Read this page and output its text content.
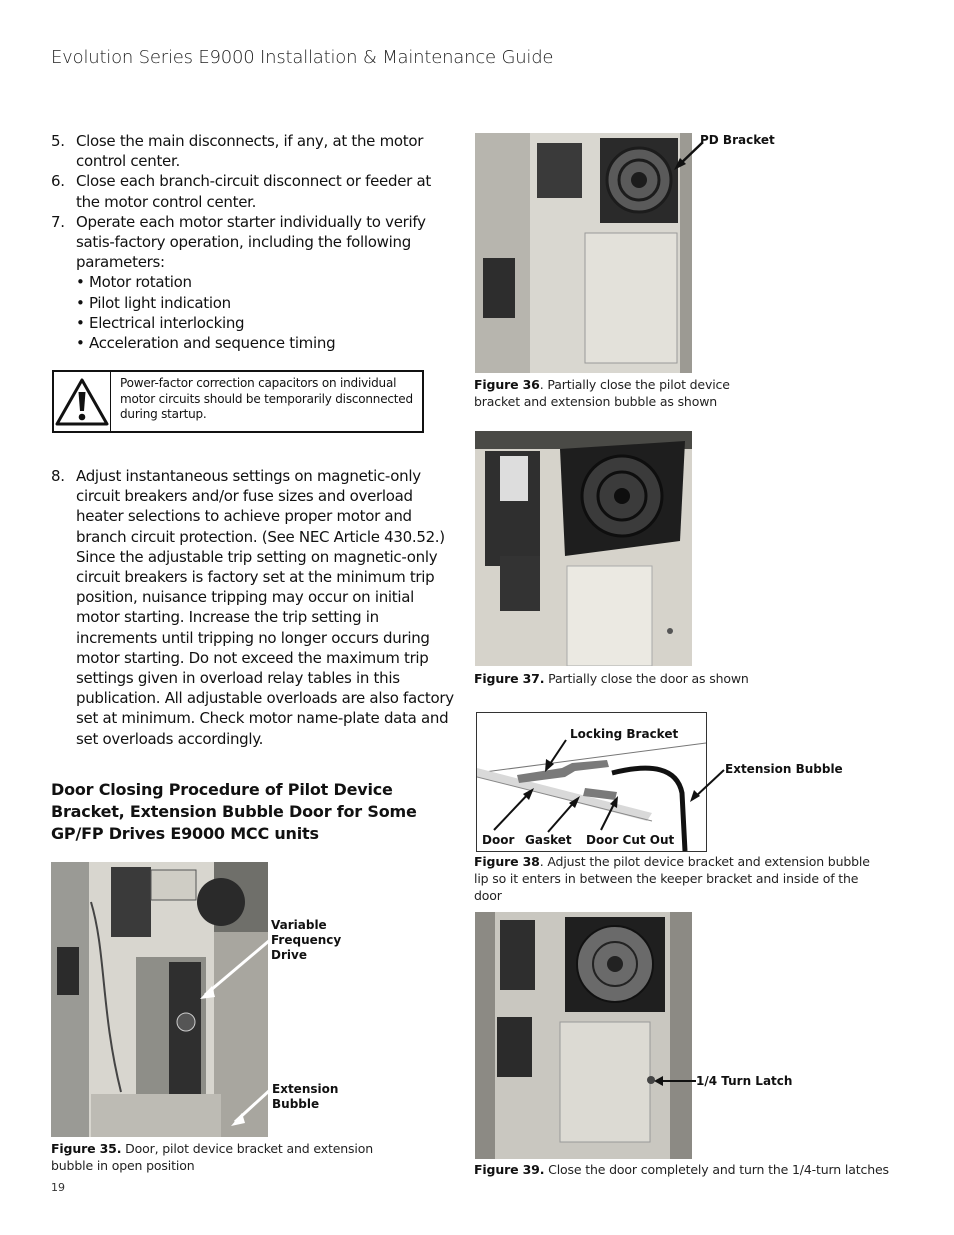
Evolution Series E9000 Installation & Maintenance Guide
5. Close the main disconnects, if any, at the motor control center.
6. Close each branch-circuit disconnect or feeder at the motor control center.
7. Operate each motor starter individually to verify satis-factory operation, including the following parameters:
• Motor rotation
• Pilot light indication
• Electrical interlocking
• Acceleration and sequence timing
Power-factor correction capacitors on individual motor circuits should be temporarily disconnected during startup.
8. Adjust instantaneous settings on magnetic-only circuit breakers and/or fuse sizes and overload heater selections to achieve proper motor and branch circuit protection. (See NEC Article 430.52.) Since the adjustable trip setting on magnetic-only circuit breakers is factory set at the minimum trip position, nuisance tripping may occur on initial motor starting. Increase the trip setting in increments until tripping no longer occurs during motor starting. Do not exceed the maximum trip settings given in overload relay tables in this publication. All adjustable overloads are also factory set at minimum. Check motor name-plate data and set overloads accordingly.
Door Closing Procedure of Pilot Device Bracket, Extension Bubble Door for Some GP/FP Drives E9000 MCC units
Variable
Frequency
Drive
Extension
Bubble
Figure 35. Door, pilot device bracket and extension bubble in open position
PD Bracket
Figure 36. Partially close the pilot device bracket and extension bubble as shown
Figure 37. Partially close the door as shown
Locking Bracket
Extension Bubble
Door Gasket Door Cut Out
Figure 38. Adjust the pilot device bracket and extension bubble lip so it enters in between the keeper bracket and inside of the door
1/4 Turn Latch
Figure 39. Close the door completely and turn the 1/4-turn latches
19
